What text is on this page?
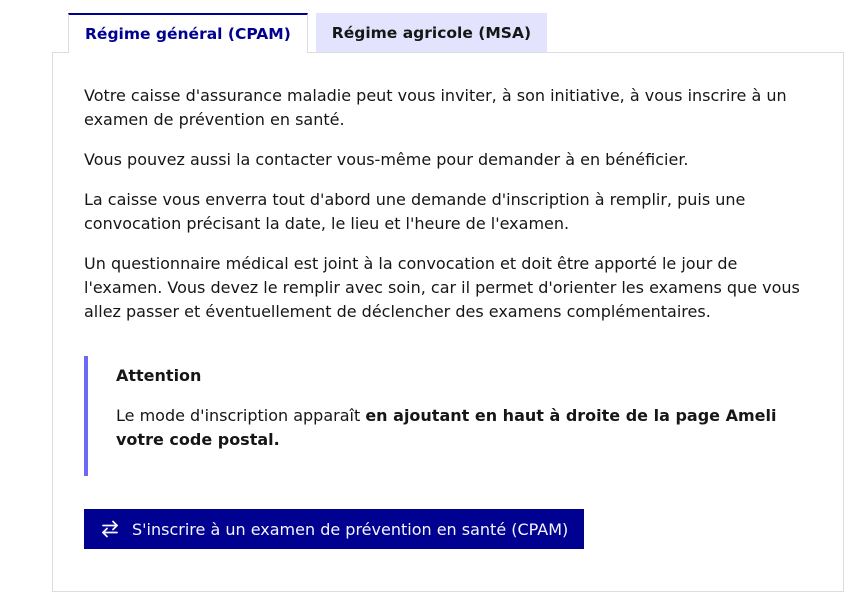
Régime général (CPAM)	Régime agricole (MSA)

Votre caisse d'assurance maladie peut vous inviter, à son initiative, à vous inscrire à un examen de prévention en santé.

Vous pouvez aussi la contacter vous-même pour demander à en bénéficier.

La caisse vous enverra tout d'abord une demande d'inscription à remplir, puis une convocation précisant la date, le lieu et l'heure de l'examen.

Un questionnaire médical est joint à la convocation et doit être apporté le jour de l'examen. Vous devez le remplir avec soin, car il permet d'orienter les examens que vous allez passer et éventuellement de déclencher des examens complémentaires.

Attention

Le mode d'inscription apparaît en ajoutant en haut à droite de la page Ameli votre code postal.

S'inscrire à un examen de prévention en santé (CPAM)
